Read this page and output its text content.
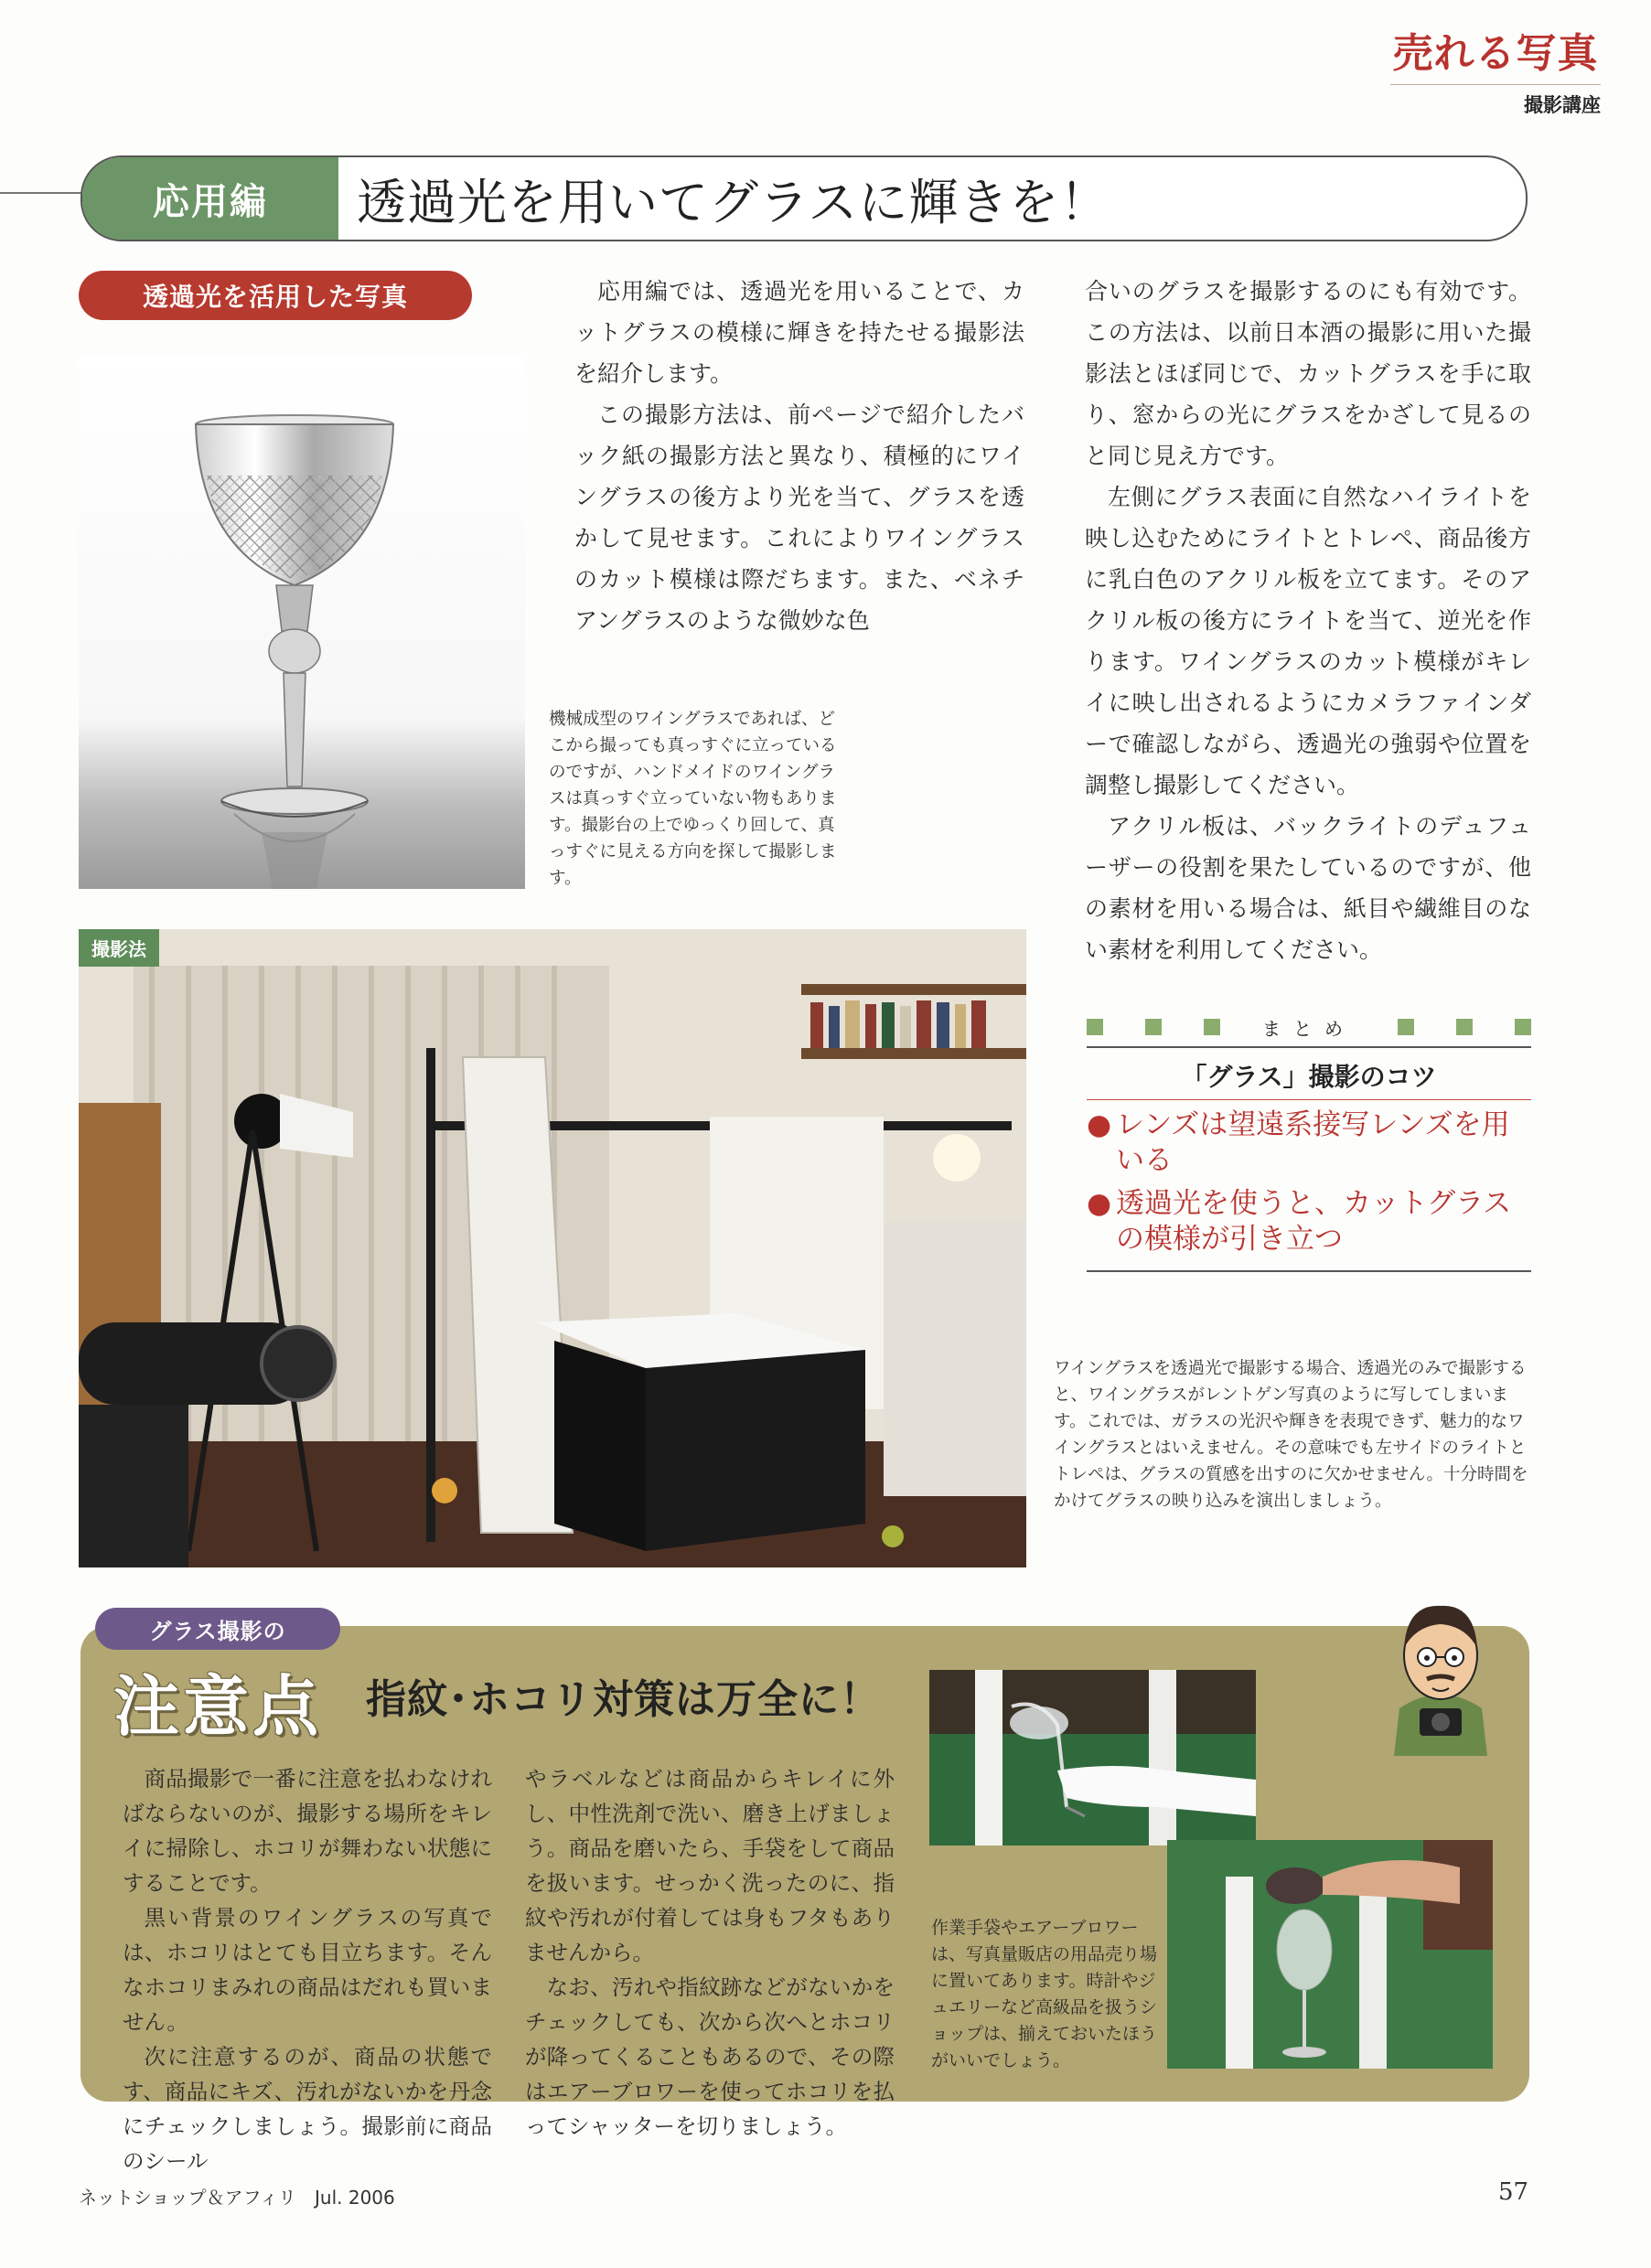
売れる写真
撮影講座
応用編	透過光を用いてグラスに輝きを！
透過光を活用した写真
機械成型のワイングラスであれば、どこから撮っても真っすぐに立っているのですが、ハンドメイドのワイングラスは真っすぐ立っていない物もあります。撮影台の上でゆっくり回して、真っすぐに見える方向を探して撮影します。

応用編では、透過光を用いることで、カットグラスの模様に輝きを持たせる撮影法を紹介します。

この撮影方法は、前ページで紹介したバック紙の撮影方法と異なり、積極的にワイングラスの後方より光を当て、グラスを透かして見せます。これによりワイングラスのカット模様は際だちます。また、ベネチアングラスのような微妙な色

合いのグラスを撮影するのにも有効です。この方法は、以前日本酒の撮影に用いた撮影法とほぼ同じで、カットグラスを手に取り、窓からの光にグラスをかざして見るのと同じ見え方です。

左側にグラス表面に自然なハイライトを映し込むためにライトとトレペ、商品後方に乳白色のアクリル板を立てます。そのアクリル板の後方にライトを当て、逆光を作ります。ワイングラスのカット模様がキレイに映し出されるようにカメラファインダーで確認しながら、透過光の強弱や位置を調整し撮影してください。

アクリル板は、バックライトのデュフューザーの役割を果たしているのですが、他の素材を用いる場合は、紙目や繊維目のない素材を利用してください。

撮影法
ワイングラスを透過光で撮影する場合、透過光のみで撮影すると、ワイングラスがレントゲン写真のように写してしまいます。これでは、ガラスの光沢や輝きを表現できず、魅力的なワイングラスとはいえません。その意味でも左サイドのライトとトレペは、グラスの質感を出すのに欠かせません。十分時間をかけてグラスの映り込みを演出しましょう。
まとめ
「グラス」撮影のコツ
● レンズは望遠系接写レンズを用いる
● 透過光を使うと、カットグラスの模様が引き立つ
グラス撮影の
注意点 指紋･ホコリ対策は万全に！

商品撮影で一番に注意を払わなければならないのが、撮影する場所をキレイに掃除し、ホコリが舞わない状態にすることです。

黒い背景のワイングラスの写真では、ホコリはとても目立ちます。そんなホコリまみれの商品はだれも買いません。

次に注意するのが、商品の状態です、商品にキズ、汚れがないかを丹念にチェックしましょう。撮影前に商品のシール

やラベルなどは商品からキレイに外し、中性洗剤で洗い、磨き上げましょう。商品を磨いたら、手袋をして商品を扱います。せっかく洗ったのに、指紋や汚れが付着しては身もフタもありませんから。

なお、汚れや指紋跡などがないかをチェックしても、次から次へとホコリが降ってくることもあるので、その際はエアーブロワーを使ってホコリを払ってシャッターを切りましょう。

作業手袋やエアーブロワーは、写真量販店の用品売り場に置いてあります。時計やジュエリーなど高級品を扱うショップは、揃えておいたほうがいいでしょう。
ネットショップ＆アフィリ　Jul. 2006	57
